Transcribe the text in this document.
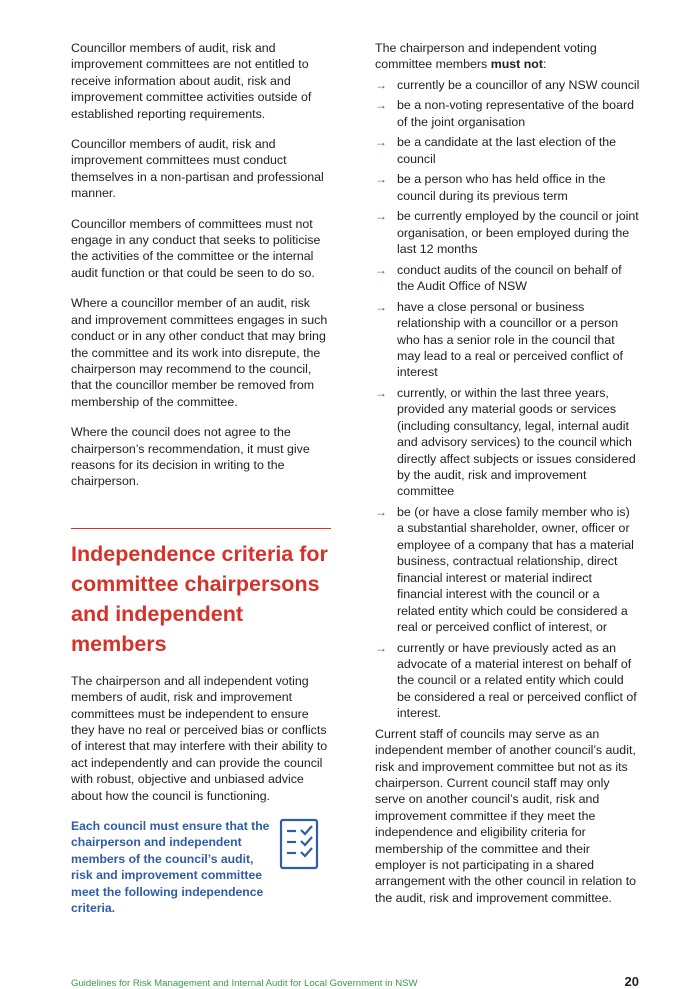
Councillor members of audit, risk and improvement committees are not entitled to receive information about audit, risk and improvement committee activities outside of established reporting requirements.

Councillor members of audit, risk and improvement committees must conduct themselves in a non-partisan and professional manner.

Councillor members of committees must not engage in any conduct that seeks to politicise the activities of the committee or the internal audit function or that could be seen to do so.

Where a councillor member of an audit, risk and improvement committees engages in such conduct or in any other conduct that may bring the committee and its work into disrepute, the chairperson may recommend to the council, that the councillor member be removed from membership of the committee.

Where the council does not agree to the chairperson’s recommendation, it must give reasons for its decision in writing to the chairperson.

Independence criteria for committee chairpersons and independent members

The chairperson and all independent voting members of audit, risk and improvement committees must be independent to ensure they have no real or perceived bias or conflicts of interest that may interfere with their ability to act independently and can provide the council with robust, objective and unbiased advice about how the council is functioning.

Each council must ensure that the chairperson and independent members of the council’s audit, risk and improvement committee meet the following independence criteria.

The chairperson and independent voting committee members must not:

→ currently be a councillor of any NSW council
→ be a non-voting representative of the board of the joint organisation
→ be a candidate at the last election of the council
→ be a person who has held office in the council during its previous term
→ be currently employed by the council or joint organisation, or been employed during the last 12 months
→ conduct audits of the council on behalf of the Audit Office of NSW
→ have a close personal or business relationship with a councillor or a person who has a senior role in the council that may lead to a real or perceived conflict of interest
→ currently, or within the last three years, provided any material goods or services (including consultancy, legal, internal audit and advisory services) to the council which directly affect subjects or issues considered by the audit, risk and improvement committee
→ be (or have a close family member who is) a substantial shareholder, owner, officer or employee of a company that has a material business, contractual relationship, direct financial interest or material indirect financial interest with the council or a related entity which could be considered a real or perceived conflict of interest, or
→ currently or have previously acted as an advocate of a material interest on behalf of the council or a related entity which could be considered a real or perceived conflict of interest.

Current staff of councils may serve as an independent member of another council’s audit, risk and improvement committee but not as its chairperson. Current council staff may only serve on another council’s audit, risk and improvement committee if they meet the independence and eligibility criteria for membership of the committee and their employer is not participating in a shared arrangement with the other council in relation to the audit, risk and improvement committee.

Guidelines for Risk Management and Internal Audit for Local Government in NSW	20
